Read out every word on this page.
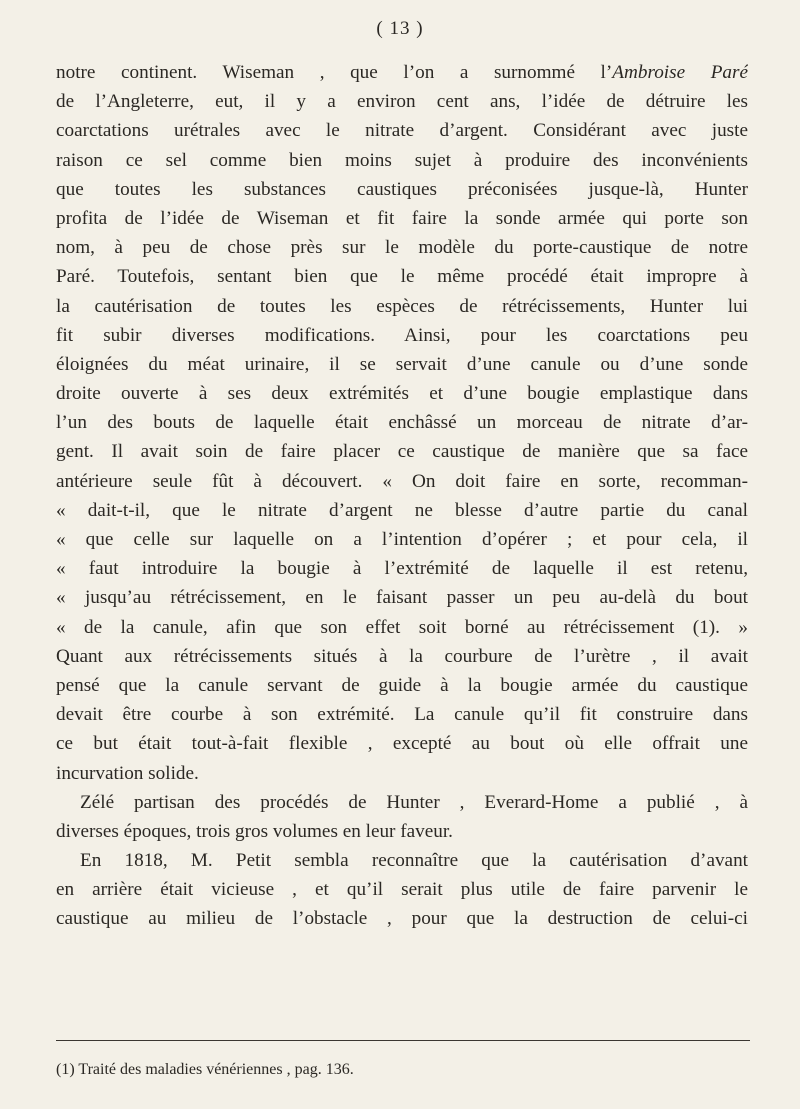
( 13 )
notre continent. Wiseman , que l’on a surnommé l’Ambroise Paré
de l’Angleterre, eut, il y a environ cent ans, l’idée de détruire les
coarctations urétrales avec le nitrate d’argent. Considérant avec juste
raison ce sel comme bien moins sujet à produire des inconvénients
que toutes les substances caustiques préconisées jusque-là, Hunter
profita de l’idée de Wiseman et fit faire la sonde armée qui porte son
nom, à peu de chose près sur le modèle du porte-caustique de notre
Paré. Toutefois, sentant bien que le même procédé était impropre à
la cautérisation de toutes les espèces de rétrécissements, Hunter lui
fit subir diverses modifications. Ainsi, pour les coarctations peu
éloignées du méat urinaire, il se servait d’une canule ou d’une sonde
droite ouverte à ses deux extrémités et d’une bougie emplastique dans
l’un des bouts de laquelle était enchâssé un morceau de nitrate d’ar-
gent. Il avait soin de faire placer ce caustique de manière que sa face
antérieure seule fût à découvert. « On doit faire en sorte, recomman-
« dait-t-il, que le nitrate d’argent ne blesse d’autre partie du canal
« que celle sur laquelle on a l’intention d’opérer ; et pour cela, il
« faut introduire la bougie à l’extrémité de laquelle il est retenu,
« jusqu’au rétrécissement, en le faisant passer un peu au-delà du bout
« de la canule, afin que son effet soit borné au rétrécissement (1). »
Quant aux rétrécissements situés à la courbure de l’urètre , il avait
pensé que la canule servant de guide à la bougie armée du caustique
devait être courbe à son extrémité. La canule qu’il fit construire dans
ce but était tout-à-fait flexible , excepté au bout où elle offrait une
incurvation solide.
Zélé partisan des procédés de Hunter , Everard-Home a publié , à
diverses époques, trois gros volumes en leur faveur.
En 1818, M. Petit sembla reconnaître que la cautérisation d’avant
en arrière était vicieuse , et qu’il serait plus utile de faire parvenir le
caustique au milieu de l’obstacle , pour que la destruction de celui-ci
(1) Traité des maladies vénériennes , pag. 136.
